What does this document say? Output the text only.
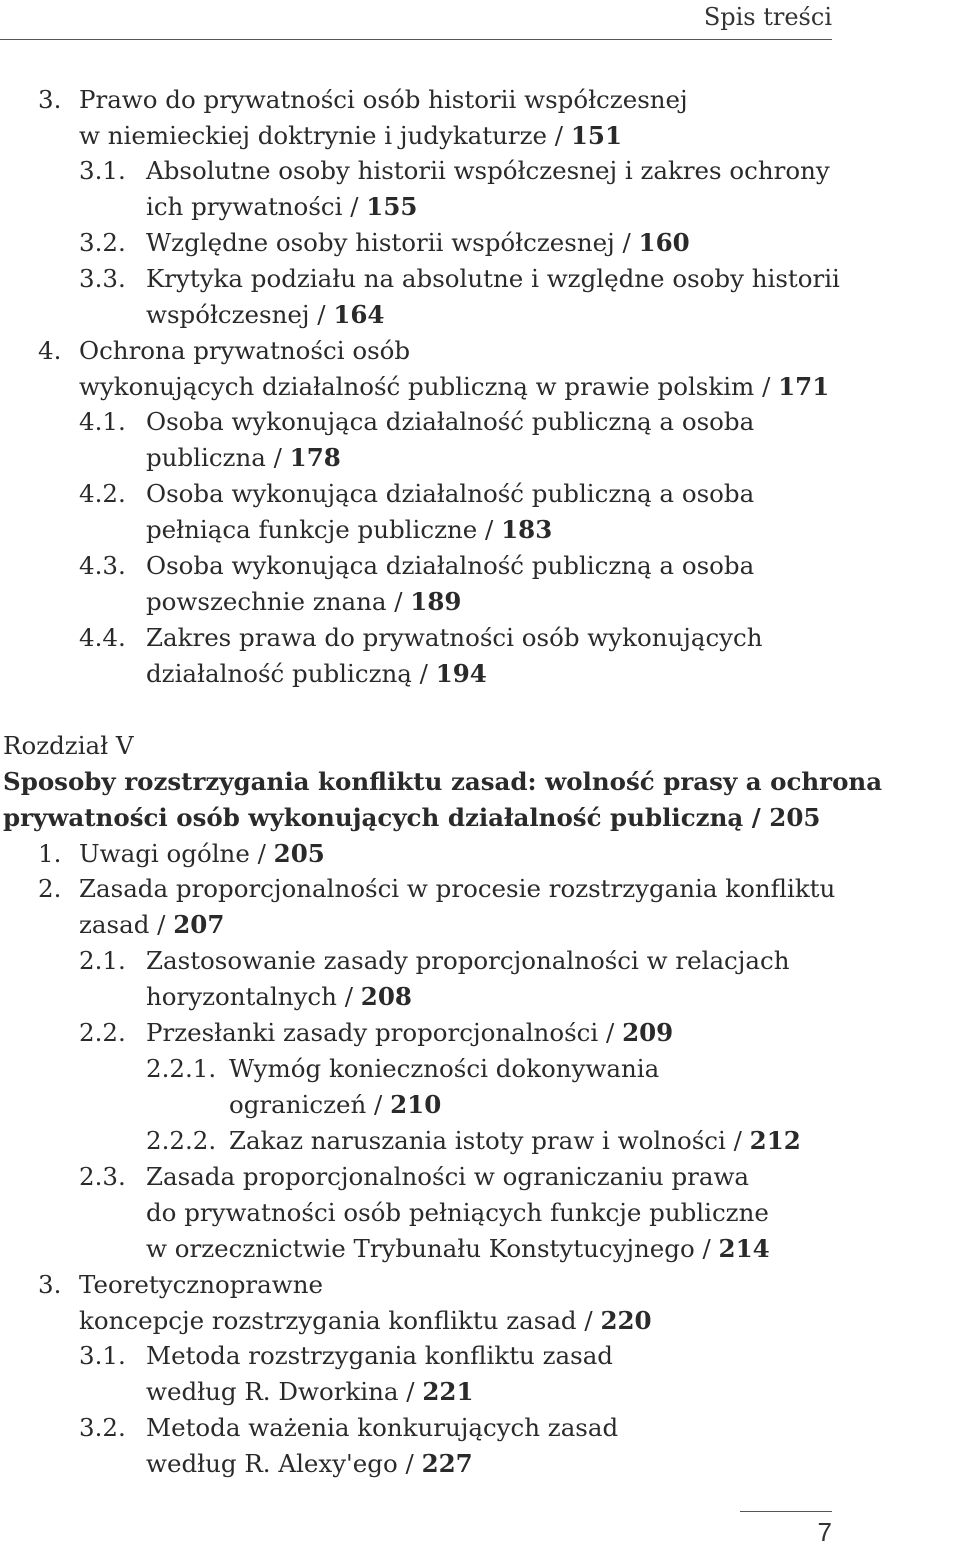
Spis treści
3. Prawo do prywatności osób historii współczesnej
w niemieckiej doktrynie i judykaturze / 151
3.1. Absolutne osoby historii współczesnej i zakres ochrony
ich prywatności / 155
3.2. Względne osoby historii współczesnej / 160
3.3. Krytyka podziału na absolutne i względne osoby historii
współczesnej / 164
4. Ochrona prywatności osób
wykonujących działalność publiczną w prawie polskim / 171
4.1. Osoba wykonująca działalność publiczną a osoba
publiczna / 178
4.2. Osoba wykonująca działalność publiczną a osoba
pełniąca funkcje publiczne / 183
4.3. Osoba wykonująca działalność publiczną a osoba
powszechnie znana / 189
4.4. Zakres prawa do prywatności osób wykonujących
działalność publiczną / 194
1. Uwagi ogólne / 205
2. Zasada proporcjonalności w procesie rozstrzygania konfliktu
zasad / 207
2.1. Zastosowanie zasady proporcjonalności w relacjach
horyzontalnych / 208
2.2. Przesłanki zasady proporcjonalności / 209
2.2.1. Wymóg konieczności dokonywania
ograniczeń / 210
2.2.2. Zakaz naruszania istoty praw i wolności / 212
2.3. Zasada proporcjonalności w ograniczaniu prawa
do prywatności osób pełniących funkcje publiczne
w orzecznictwie Trybunału Konstytucyjnego / 214
3. Teoretycznoprawne
koncepcje rozstrzygania konfliktu zasad / 220
3.1. Metoda rozstrzygania konfliktu zasad
według R. Dworkina / 221
3.2. Metoda ważenia konkurujących zasad
według R. Alexy'ego / 227
Rozdział V
Sposoby rozstrzygania konfliktu zasad: wolność prasy a ochrona
prywatności osób wykonujących działalność publiczną / 205
7
